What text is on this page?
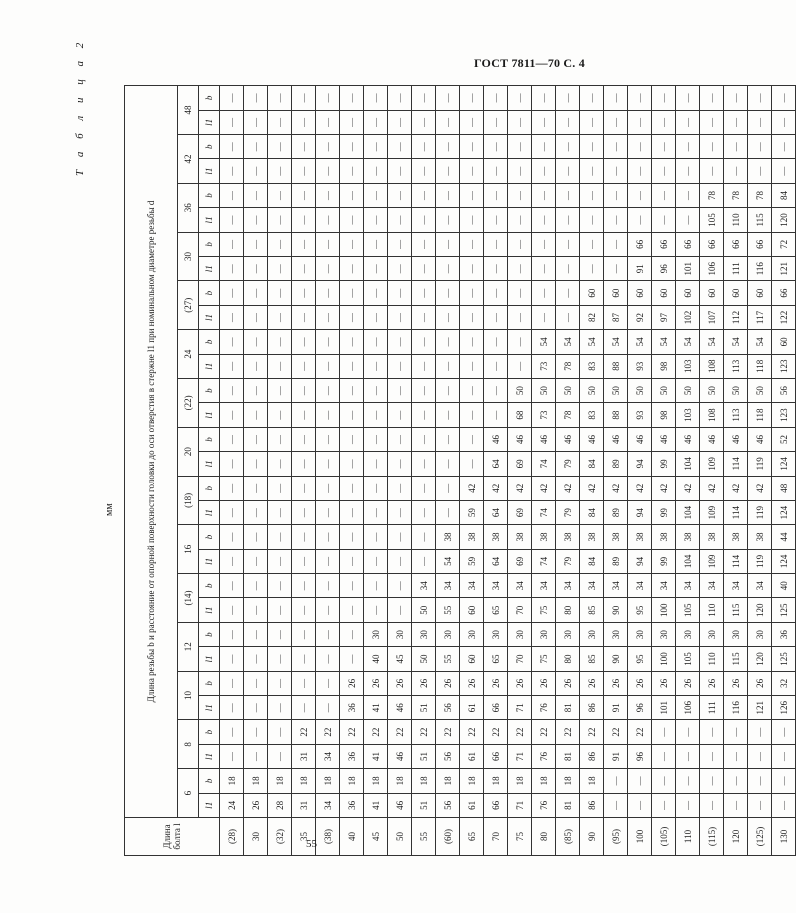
ГОСТ 7811—70 С. 4
Т а б л и ц а 2
мм
Длина болта l	Длина резьбы b и расстояние от опорной поверхности головки до оси отверстия в стержне l1 при номинальном диаметре резьбы d																													
	6		8		10		12		(14)		16		(18)		20		(22)		24		(27)		30		36		42		48	
	l1	b	l1	b	l1	b	l1	b	l1	b	l1	b	l1	b	l1	b	l1	b	l1	b	l1	b	l1	b	l1	b	l1	b	l1	b
(28)	24	18	—	—	—	—	—	—	—	—	—	—	—	—	—	—	—	—	—	—	—	—	—	—	—	—	—	—	—	—
30	26	18	—	—	—	—	—	—	—	—	—	—	—	—	—	—	—	—	—	—	—	—	—	—	—	—	—	—	—	—
(32)	28	18	—	—	—	—	—	—	—	—	—	—	—	—	—	—	—	—	—	—	—	—	—	—	—	—	—	—	—	—
35	31	18	31	22	—	—	—	—	—	—	—	—	—	—	—	—	—	—	—	—	—	—	—	—	—	—	—	—	—	—
(38)	34	18	34	22	—	—	—	—	—	—	—	—	—	—	—	—	—	—	—	—	—	—	—	—	—	—	—	—	—	—
40	36	18	36	22	36	26	—	—	—	—	—	—	—	—	—	—	—	—	—	—	—	—	—	—	—	—	—	—	—	—
45	41	18	41	22	41	26	40	30	—	—	—	—	—	—	—	—	—	—	—	—	—	—	—	—	—	—	—	—	—	—
50	46	18	46	22	46	26	45	30	—	—	—	—	—	—	—	—	—	—	—	—	—	—	—	—	—	—	—	—	—	—
55	51	18	51	22	51	26	50	30	50	34	—	—	—	—	—	—	—	—	—	—	—	—	—	—	—	—	—	—	—	—
(60)	56	18	56	22	56	26	55	30	55	34	54	38	—	—	—	—	—	—	—	—	—	—	—	—	—	—	—	—	—	—
65	61	18	61	22	61	26	60	30	60	34	59	38	59	42	—	—	—	—	—	—	—	—	—	—	—	—	—	—	—	—
70	66	18	66	22	66	26	65	30	65	34	64	38	64	42	64	46	—	—	—	—	—	—	—	—	—	—	—	—	—	—
75	71	18	71	22	71	26	70	30	70	34	69	38	69	42	69	46	68	50	—	—	—	—	—	—	—	—	—	—	—	—
80	76	18	76	22	76	26	75	30	75	34	74	38	74	42	74	46	73	50	73	54	—	—	—	—	—	—	—	—	—	—
(85)	81	18	81	22	81	26	80	30	80	34	79	38	79	42	79	46	78	50	78	54	—	—	—	—	—	—	—	—	—	—
90	86	18	86	22	86	26	85	30	85	34	84	38	84	42	84	46	83	50	83	54	82	60	—	—	—	—	—	—	—	—
(95)	—	—	91	22	91	26	90	30	90	34	89	38	89	42	89	46	88	50	88	54	87	60	—	—	—	—	—	—	—	—
100	—	—	96	22	96	26	95	30	95	34	94	38	94	42	94	46	93	50	93	54	92	60	91	66	—	—	—	—	—	—
(105)	—	—	—	—	101	26	100	30	100	34	99	38	99	42	99	46	98	50	98	54	97	60	96	66	—	—	—	—	—	—
110	—	—	—	—	106	26	105	30	105	34	104	38	104	42	104	46	103	50	103	54	102	60	101	66	—	—	—	—	—	—
(115)	—	—	—	—	111	26	110	30	110	34	109	38	109	42	109	46	108	50	108	54	107	60	106	66	105	78	—	—	—	—
120	—	—	—	—	116	26	115	30	115	34	114	38	114	42	114	46	113	50	113	54	112	60	111	66	110	78	—	—	—	—
(125)	—	—	—	—	121	26	120	30	120	34	119	38	119	42	119	46	118	50	118	54	117	60	116	66	115	78	—	—	—	—
130	—	—	—	—	126	32	125	36	125	40	124	44	124	48	124	52	123	56	123	60	122	66	121	72	120	84	—	—	—	—
55
